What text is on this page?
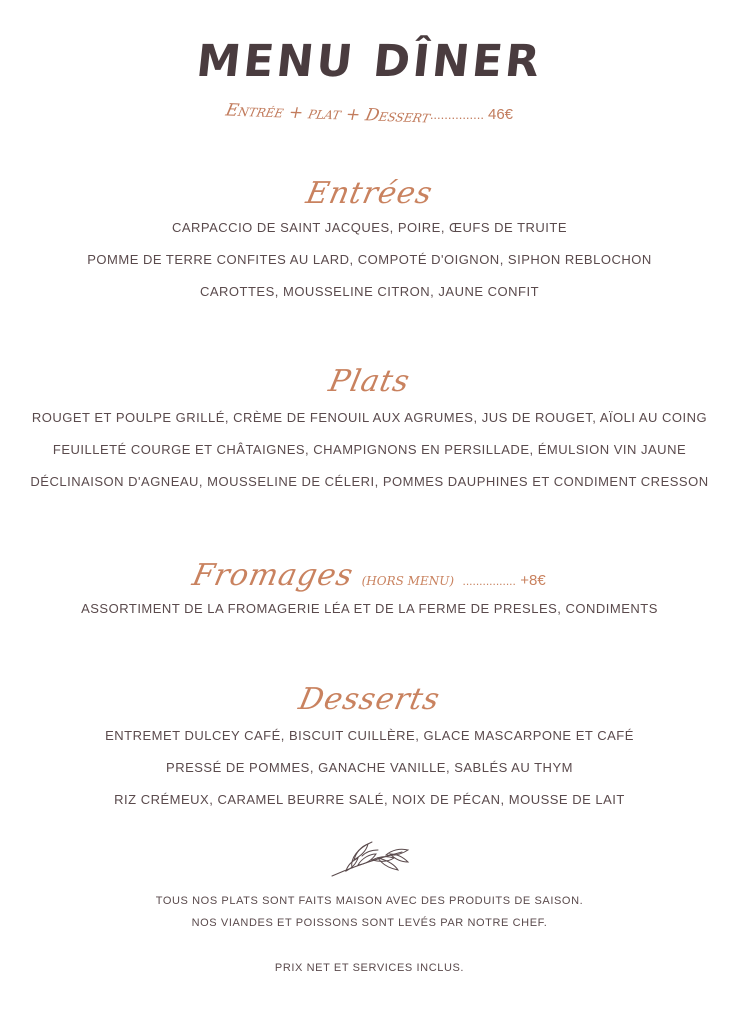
MENU DÎNER
Entrée + plat + Dessert............... 46€
Entrées
CARPACCIO DE SAINT JACQUES, POIRE, ŒUFS DE TRUITE
POMME DE TERRE CONFITES AU LARD, COMPOTÉ D'OIGNON, SIPHON REBLOCHON
CAROTTES, MOUSSELINE CITRON, JAUNE CONFIT
Plats
ROUGET ET POULPE GRILLÉ, CRÈME DE FENOUIL AUX AGRUMES, JUS DE ROUGET, AÏOLI AU COING
FEUILLETÉ COURGE ET CHÂTAIGNES, CHAMPIGNONS EN PERSILLADE, ÉMULSION VIN JAUNE
DÉCLINAISON D'AGNEAU, MOUSSELINE DE CÉLERI, POMMES DAUPHINES ET CONDIMENT CRESSON
Fromages (HORS MENU) ................ +8€
ASSORTIMENT DE LA FROMAGERIE LÉA ET DE LA FERME DE PRESLES, CONDIMENTS
Desserts
ENTREMET DULCEY CAFÉ, BISCUIT CUILLÈRE, GLACE MASCARPONE ET CAFÉ
PRESSÉ DE POMMES, GANACHE VANILLE, SABLÉS AU THYM
RIZ CRÉMEUX, CARAMEL BEURRE SALÉ, NOIX DE PÉCAN, MOUSSE DE LAIT
TOUS NOS PLATS SONT FAITS MAISON AVEC DES PRODUITS DE SAISON.
NOS VIANDES ET POISSONS SONT LEVÉS PAR NOTRE CHEF.
PRIX NET ET SERVICES INCLUS.
